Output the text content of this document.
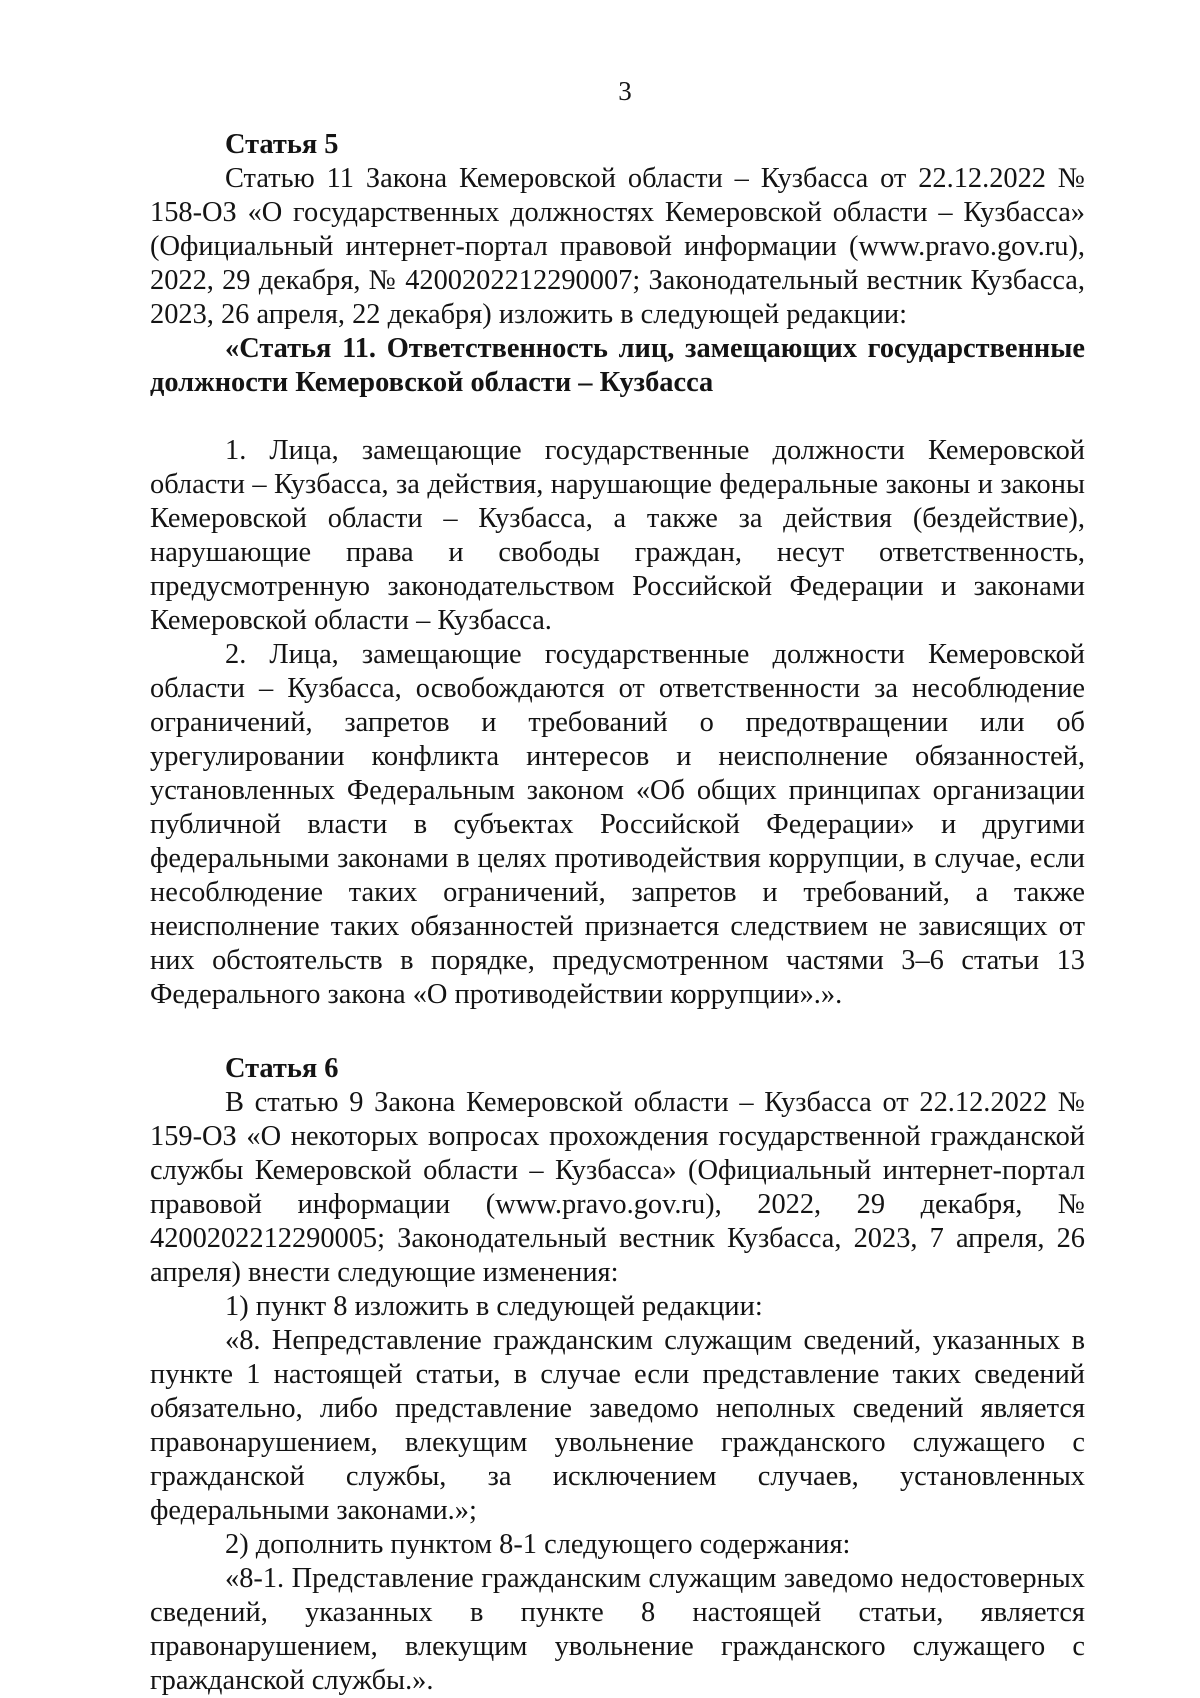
3
Статья 5

Статью 11 Закона Кемеровской области – Кузбасса от 22.12.2022 № 158-ОЗ «О государственных должностях Кемеровской области – Кузбасса» (Официальный интернет-портал правовой информации (www.pravo.gov.ru), 2022, 29 декабря, № 4200202212290007; Законодательный вестник Кузбасса, 2023, 26 апреля, 22 декабря) изложить в следующей редакции:

«Статья 11. Ответственность лиц, замещающих государственные должности Кемеровской области – Кузбасса

1. Лица, замещающие государственные должности Кемеровской области – Кузбасса, за действия, нарушающие федеральные законы и законы Кемеровской области – Кузбасса, а также за действия (бездействие), нарушающие права и свободы граждан, несут ответственность, предусмотренную законодательством Российской Федерации и законами Кемеровской области – Кузбасса.

2. Лица, замещающие государственные должности Кемеровской области – Кузбасса, освобождаются от ответственности за несоблюдение ограничений, запретов и требований о предотвращении или об урегулировании конфликта интересов и неисполнение обязанностей, установленных Федеральным законом «Об общих принципах организации публичной власти в субъектах Российской Федерации» и другими федеральными законами в целях противодействия коррупции, в случае, если несоблюдение таких ограничений, запретов и требований, а также неисполнение таких обязанностей признается следствием не зависящих от них обстоятельств в порядке, предусмотренном частями 3–6 статьи 13 Федерального закона «О противодействии коррупции».».

Статья 6

В статью 9 Закона Кемеровской области – Кузбасса от 22.12.2022 № 159-ОЗ «О некоторых вопросах прохождения государственной гражданской службы Кемеровской области – Кузбасса» (Официальный интернет-портал правовой информации (www.pravo.gov.ru), 2022, 29 декабря, № 4200202212290005; Законодательный вестник Кузбасса, 2023, 7 апреля, 26 апреля) внести следующие изменения:

1) пункт 8 изложить в следующей редакции:

«8. Непредставление гражданским служащим сведений, указанных в пункте 1 настоящей статьи, в случае если представление таких сведений обязательно, либо представление заведомо неполных сведений является правонарушением, влекущим увольнение гражданского служащего с гражданской службы, за исключением случаев, установленных федеральными законами.»;

2) дополнить пунктом 8-1 следующего содержания:

«8-1. Представление гражданским служащим заведомо недостоверных сведений, указанных в пункте 8 настоящей статьи, является правонарушением, влекущим увольнение гражданского служащего с гражданской службы.».
